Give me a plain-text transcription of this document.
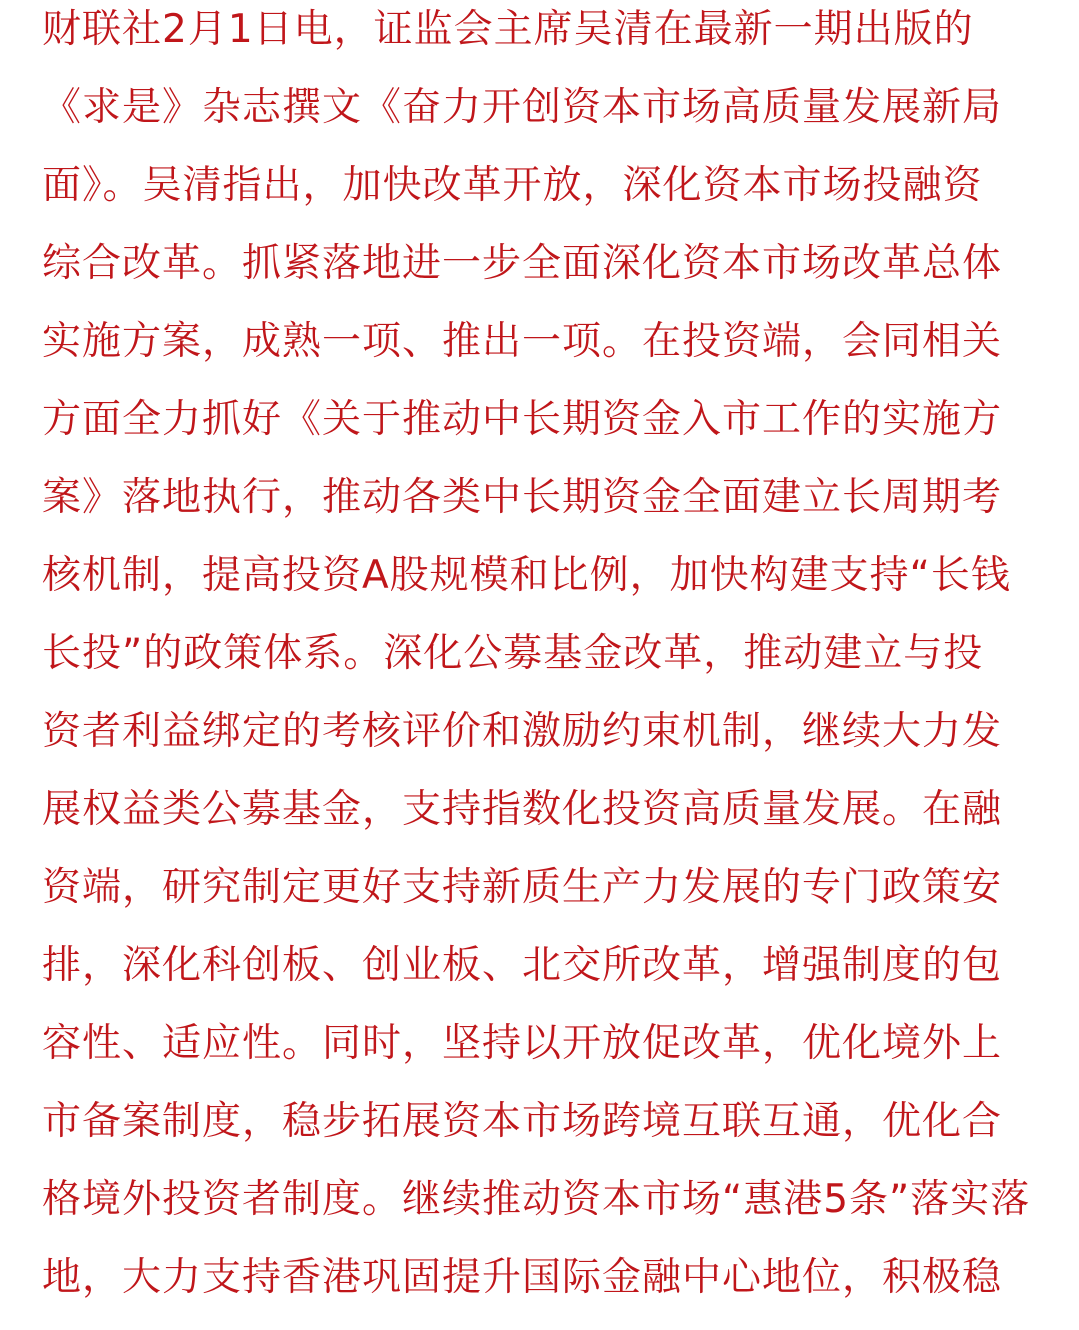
财联社2月1日电，证监会主席吴清在最新一期出版的
《求是》杂志撰文《奋力开创资本市场高质量发展新局
面》。吴清指出，加快改革开放，深化资本市场投融资
综合改革。抓紧落地进一步全面深化资本市场改革总体
实施方案，成熟一项、推出一项。在投资端，会同相关
方面全力抓好《关于推动中长期资金入市工作的实施方
案》落地执行，推动各类中长期资金全面建立长周期考
核机制，提高投资A股规模和比例，加快构建支持“长钱
长投”的政策体系。深化公募基金改革，推动建立与投
资者利益绑定的考核评价和激励约束机制，继续大力发
展权益类公募基金，支持指数化投资高质量发展。在融
资端，研究制定更好支持新质生产力发展的专门政策安
排，深化科创板、创业板、北交所改革，增强制度的包
容性、适应性。同时，坚持以开放促改革，优化境外上
市备案制度，稳步拓展资本市场跨境互联互通，优化合
格境外投资者制度。继续推动资本市场“惠港5条”落实落
地，大力支持香港巩固提升国际金融中心地位，积极稳
